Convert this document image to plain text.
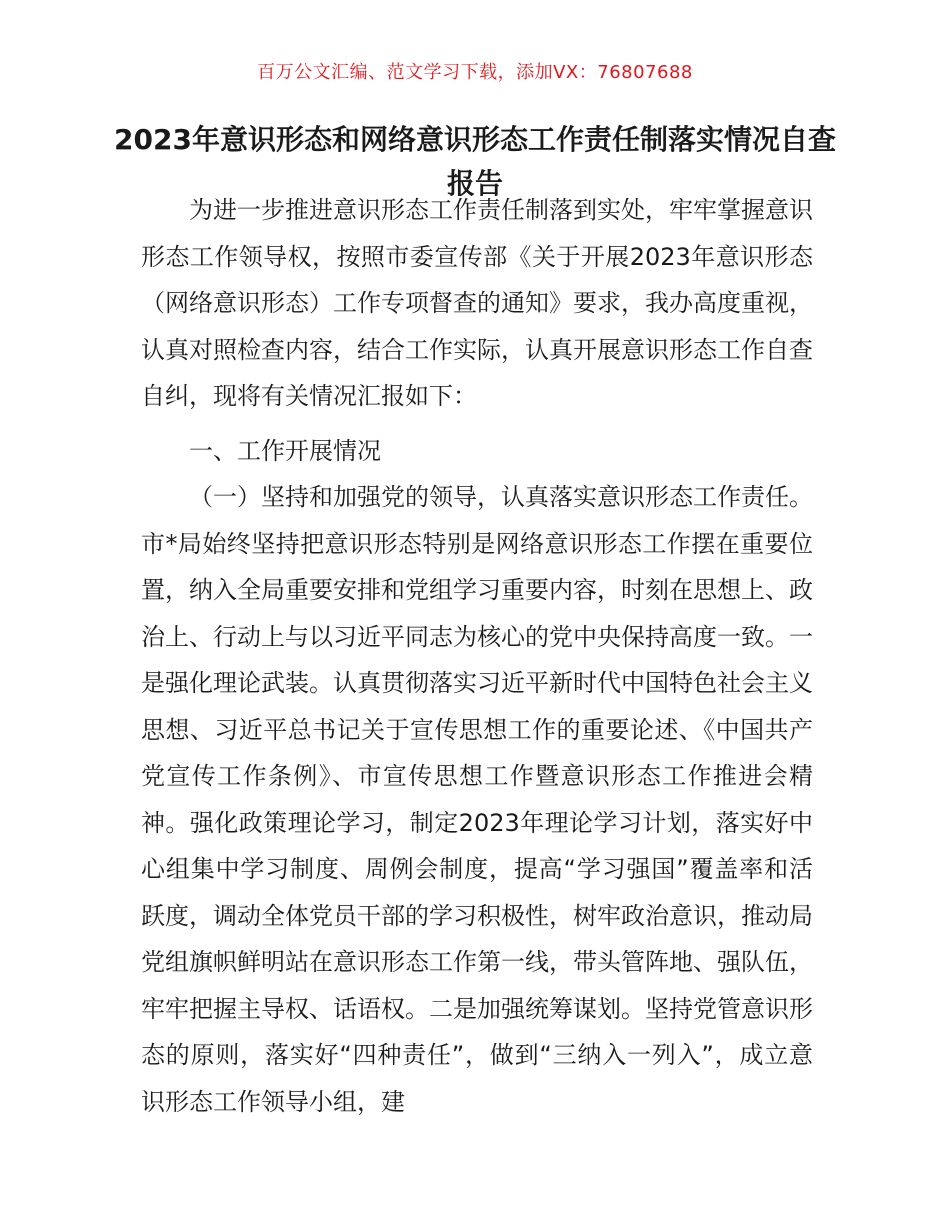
百万公文汇编、范文学习下载，添加VX：76807688
2023年意识形态和网络意识形态工作责任制落实情况自查报告

为进一步推进意识形态工作责任制落到实处，牢牢掌握意识形态工作领导权，按照市委宣传部《关于开展2023年意识形态（网络意识形态）工作专项督查的通知》要求，我办高度重视，认真对照检查内容，结合工作实际，认真开展意识形态工作自查自纠，现将有关情况汇报如下：

一、工作开展情况

（一）坚持和加强党的领导，认真落实意识形态工作责任。市*局始终坚持把意识形态特别是网络意识形态工作摆在重要位置，纳入全局重要安排和党组学习重要内容，时刻在思想上、政治上、行动上与以习近平同志为核心的党中央保持高度一致。一是强化理论武装。认真贯彻落实习近平新时代中国特色社会主义思想、习近平总书记关于宣传思想工作的重要论述、《中国共产党宣传工作条例》、市宣传思想工作暨意识形态工作推进会精神。强化政策理论学习，制定2023年理论学习计划，落实好中心组集中学习制度、周例会制度，提高“学习强国”覆盖率和活跃度，调动全体党员干部的学习积极性，树牢政治意识，推动局党组旗帜鲜明站在意识形态工作第一线，带头管阵地、强队伍，牢牢把握主导权、话语权。二是加强统筹谋划。坚持党管意识形态的原则，落实好“四种责任”，做到“三纳入一列入”，成立意识形态工作领导小组，建
